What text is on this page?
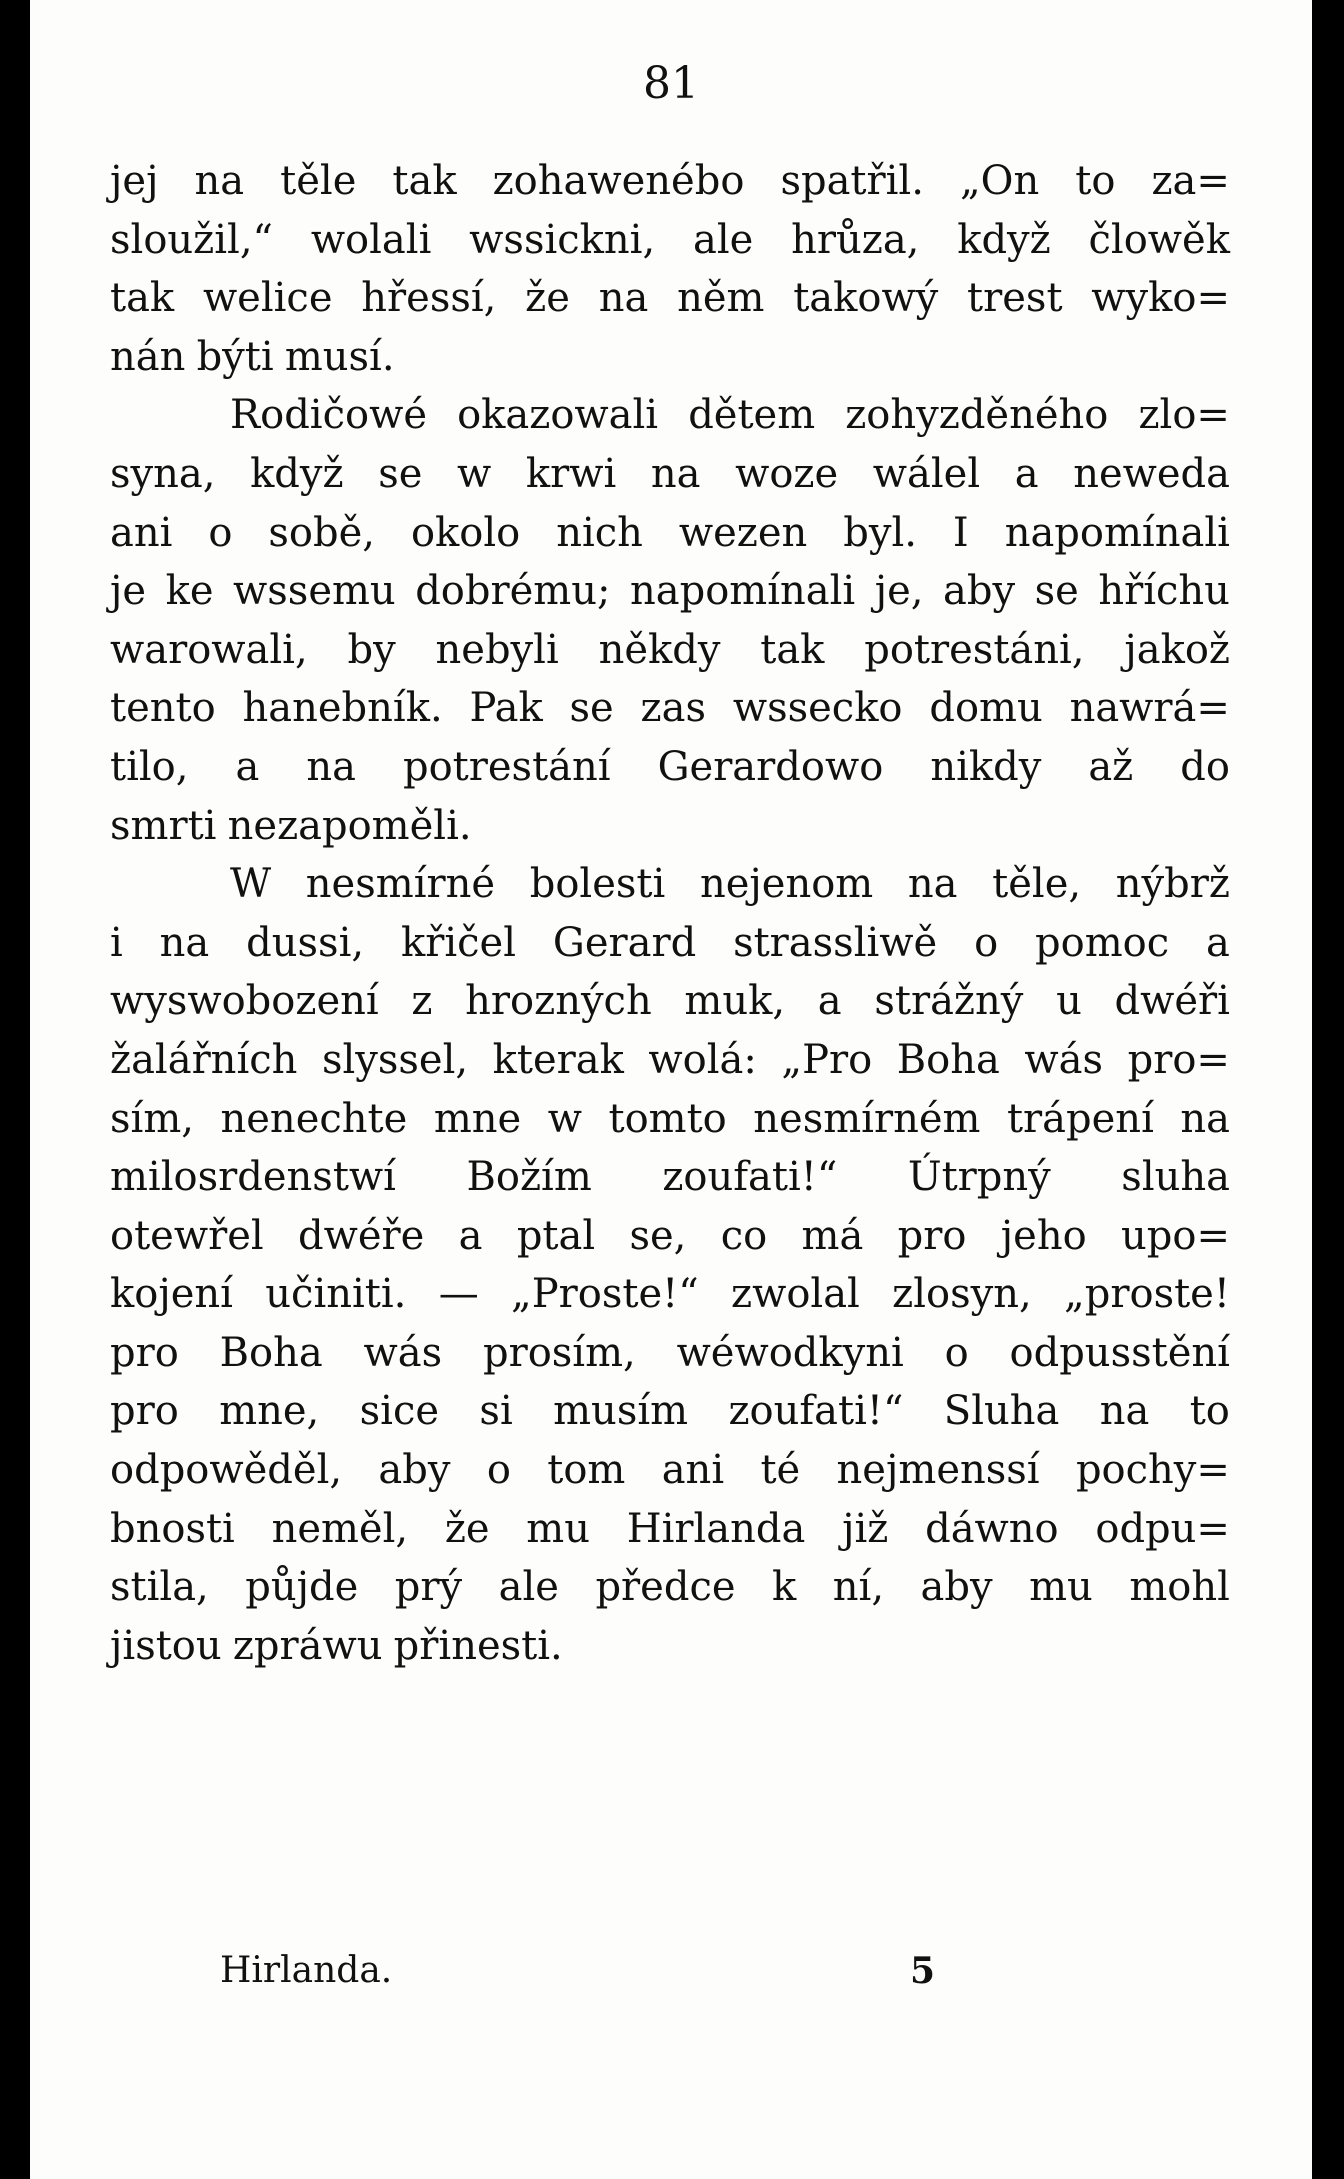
81
jej na těle tak zohawenébo spatřil. „On to za=
sloužil,“ wolali wssickni, ale hrůza, když člowěk
tak welice hřessí, že na něm takowý trest wyko=
nán býti musí.
Rodičowé okazowali dětem zohyzděného zlo=
syna, když se w krwi na woze wálel a neweda
ani o sobě, okolo nich wezen byl. I napomínali
je ke wssemu dobrému; napomínali je, aby se hříchu
warowali, by nebyli někdy tak potrestáni, jakož
tento hanebník. Pak se zas wssecko domu nawrá=
tilo, a na potrestání Gerardowo nikdy až do
smrti nezapoměli.
W nesmírné bolesti nejenom na těle, nýbrž
i na dussi, křičel Gerard strassliwě o pomoc a
wyswobození z hrozných muk, a strážný u dwéři
žalářních slyssel, kterak wolá: „Pro Boha wás pro=
sím, nenechte mne w tomto nesmírném trápení na
milosrdenstwí Božím zoufati!“ Útrpný sluha
otewřel dwéře a ptal se, co má pro jeho upo=
kojení učiniti. — „Proste!“ zwolal zlosyn, „proste!
pro Boha wás prosím, wéwodkyni o odpusstění
pro mne, sice si musím zoufati!“ Sluha na to
odpowěděl, aby o tom ani té nejmenssí pochy=
bnosti neměl, že mu Hirlanda již dáwno odpu=
stila, půjde prý ale předce k ní, aby mu mohl
jistou zpráwu přinesti.
Hirlanda.	5
